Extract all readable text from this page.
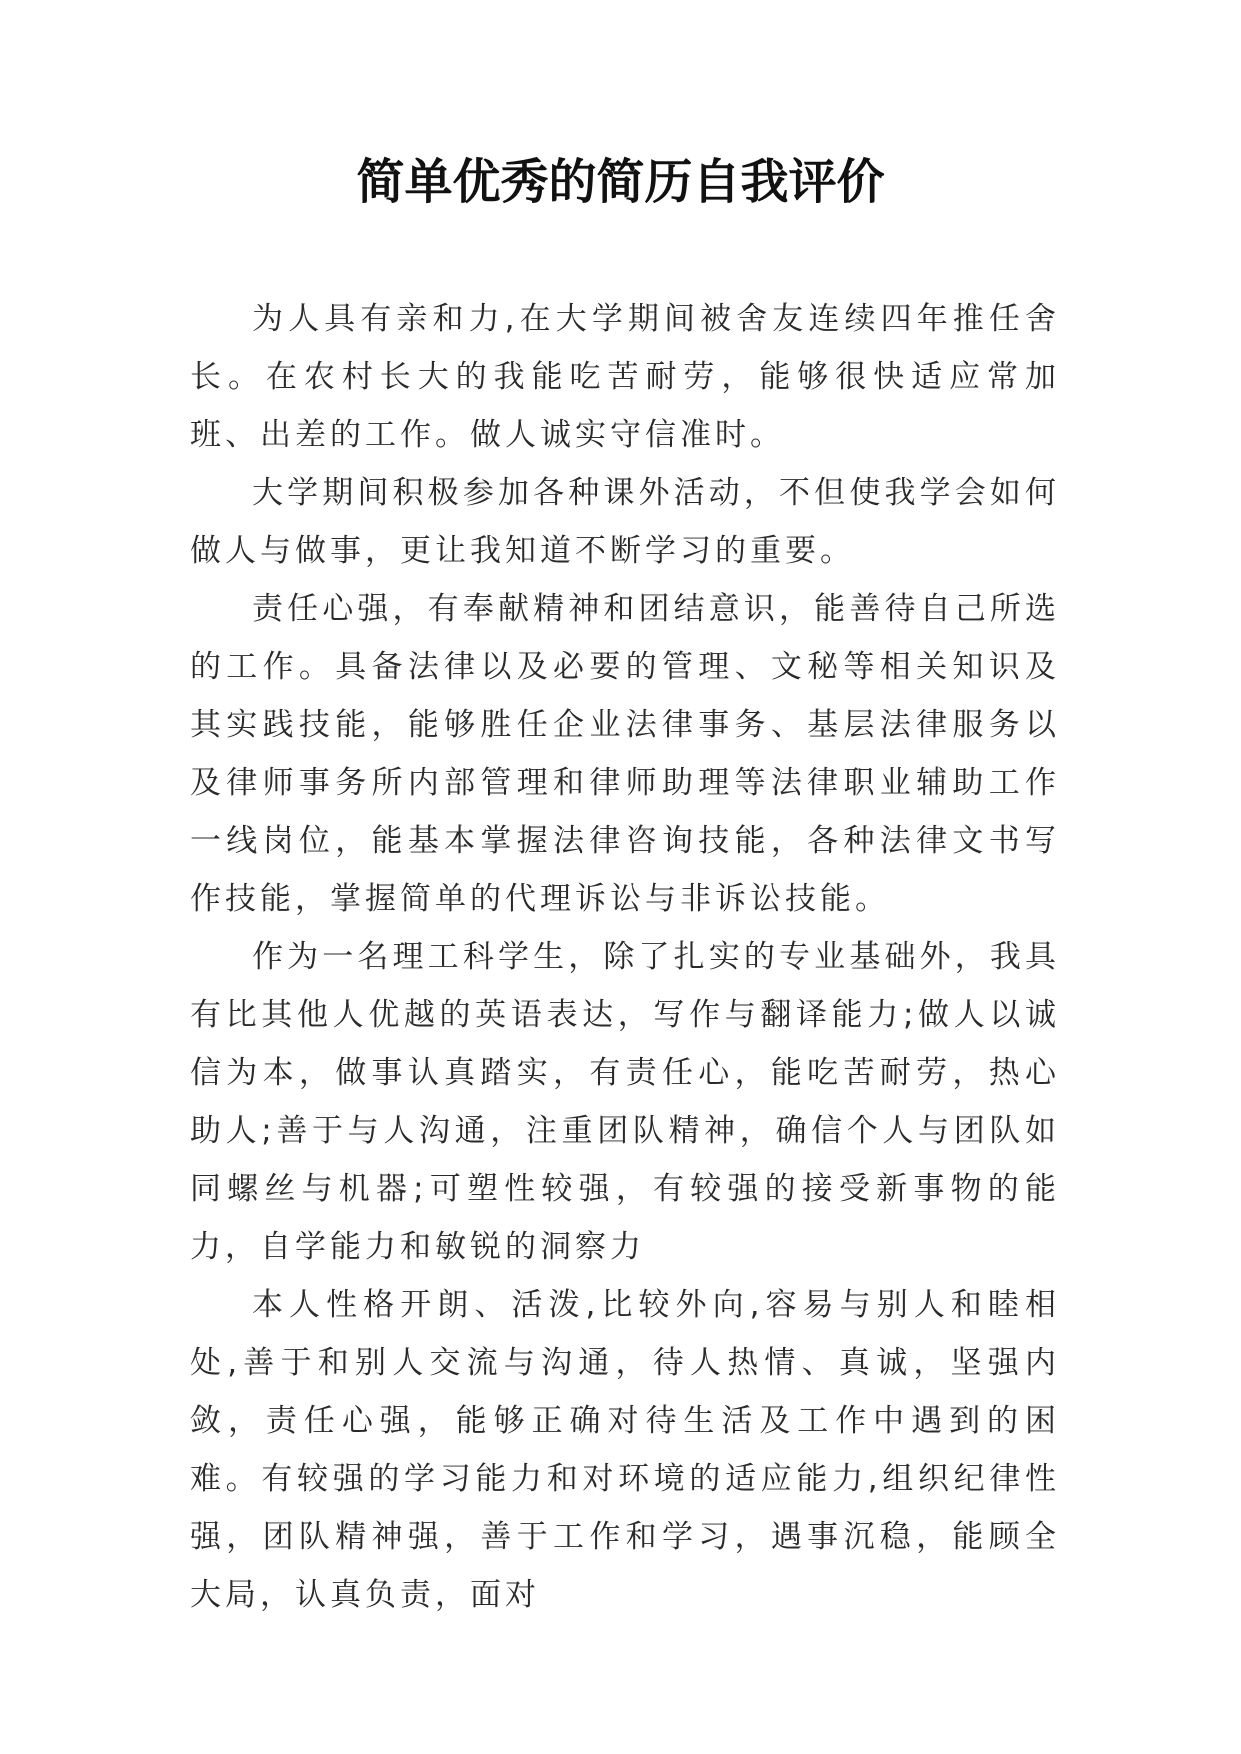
简单优秀的简历自我评价

为人具有亲和力,在大学期间被舍友连续四年推任舍长。在农村长大的我能吃苦耐劳，能够很快适应常加班、出差的工作。做人诚实守信准时。

大学期间积极参加各种课外活动，不但使我学会如何做人与做事，更让我知道不断学习的重要。

责任心强，有奉献精神和团结意识，能善待自己所选的工作。具备法律以及必要的管理、文秘等相关知识及其实践技能，能够胜任企业法律事务、基层法律服务以及律师事务所内部管理和律师助理等法律职业辅助工作一线岗位，能基本掌握法律咨询技能，各种法律文书写作技能，掌握简单的代理诉讼与非诉讼技能。

作为一名理工科学生，除了扎实的专业基础外，我具有比其他人优越的英语表达，写作与翻译能力;做人以诚信为本，做事认真踏实，有责任心，能吃苦耐劳，热心助人;善于与人沟通，注重团队精神，确信个人与团队如同螺丝与机器;可塑性较强，有较强的接受新事物的能力，自学能力和敏锐的洞察力

本人性格开朗、活泼,比较外向,容易与别人和睦相处,善于和别人交流与沟通，待人热情、真诚，坚强内敛，责任心强，能够正确对待生活及工作中遇到的困难。有较强的学习能力和对环境的适应能力,组织纪律性强，团队精神强，善于工作和学习，遇事沉稳，能顾全大局，认真负责，面对
